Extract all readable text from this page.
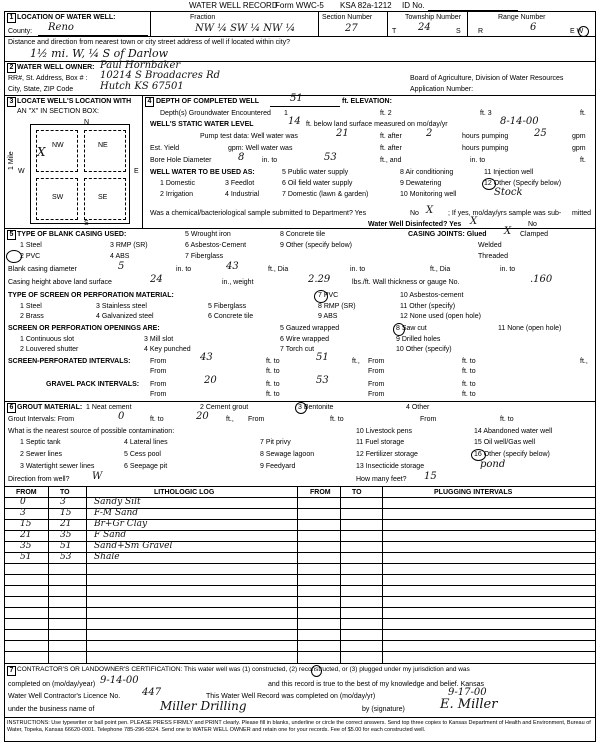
WATER WELL RECORD
Form WWC-5 KSA 82a-1212 ID No.
1 LOCATION OF WATER WELL:
County: Reno
Fraction
NW ¼ SW ¼ NW ¼
Section Number
27
Township Number
T 24	S
Range Number
R	6	E W
Distance and direction from nearest town or city street address of well if located within city?
1½ mi. W, ¼ S of Darlow
2 WATER WELL OWNER: Paul Hornbaker
RR#, St. Address, Box # : 10214 S Broadacres Rd
City, State, ZIP Code	Hutch KS 67501
Board of Agriculture, Division of Water Resources
Application Number:
3 LOCATE WELL'S LOCATION WITH
AN "X" IN SECTION BOX:
N
S
W	E
NW	NE
SW	SE
X
1 Mile
4 DEPTH OF COMPLETED WELL	51	ft. ELEVATION:
Depth(s) Groundwater Encountered 1	ft. 2	ft. 3	ft.
WELL'S STATIC WATER LEVEL	14 ft. below land surface measured on mo/day/yr	8-14-00
Pump test data: Well water was	21	ft. after 2	hours pumping	25	gpm
Est. Yield	gpm: Well water was	ft. after	hours pumping	gpm
Bore Hole Diameter	8	in. to	53	ft., and	in. to	ft.
WELL WATER TO BE USED AS:
1 Domestic
2 Irrigation
3 Feedlot
4 Industrial
5 Public water supply
6 Oil field water supply
7 Domestic (lawn & garden)
8 Air conditioning
9 Dewatering
10 Monitoring well
11 Injection well
12 Other (Specify below)
Stock
Was a chemical/bacteriological sample submitted to Department? Yes	No X ; If yes, mo/day/yrs sample was sub- mitted
Water Well Disinfected? Yes X	No
5 TYPE OF BLANK CASING USED:
1 Steel
2 PVC
3 RMP (SR)
4 ABS
5 Wrought iron
6 Asbestos-Cement
7 Fiberglass
8 Concrete tile
9 Other (specify below)
CASING JOINTS: Glued X Clamped
Welded
Threaded
Blank casing diameter	5	in. to	43	ft., Dia	in. to	ft., Dia	in. to
Casing height above land surface	24	in., weight	2.29	lbs./ft. Wall thickness or gauge No.	.160
TYPE OF SCREEN OR PERFORATION MATERIAL:
1 Steel
2 Brass
3 Stainless steel
4 Galvanized steel
5 Fiberglass
6 Concrete tile
7 PVC
8 RMP (SR)
9 ABS
10 Asbestos-cement
11 Other (specify)
12 None used (open hole)
SCREEN OR PERFORATION OPENINGS ARE:
1 Continuous slot
2 Louvered shutter
3 Mill slot
4 Key punched
5 Gauzed wrapped
6 Wire wrapped
7 Torch cut
8 Saw cut
9 Drilled holes
10 Other (specify)
11 None (open hole)
SCREEN-PERFORATED INTERVALS:	From	43	ft. to	51	ft., From	ft. to	ft.,
From	ft. to	From	ft. to
GRAVEL PACK INTERVALS: From	20	ft. to	53	From	ft. to
From	ft. to	From	ft. to
6 GROUT MATERIAL: 1 Neat cement	2 Cement grout	3 Bentonite	4 Other
Grout Intervals: From	0	ft. to	20 ft., From	ft. to	From	ft. to
What is the nearest source of possible contamination:
1 Septic tank
2 Sewer lines
3 Watertight sewer lines
4 Lateral lines
5 Cess pool
6 Seepage pit
7 Pit privy
8 Sewage lagoon
9 Feedyard
10 Livestock pens
11 Fuel storage
12 Fertilizer storage
13 Insecticide storage
14 Abandoned water well
15 Oil well/Gas well
16 Other (specify below)
pond
Direction from well? W	How many feet? 15
FROM	TO	LITHOLOGIC LOG	FROM	TO	PLUGGING INTERVALS
0	3	Sandy Silt
3	15	F-M Sand
15	21	Br+Gr Clay
21	35	F Sand
35	51	Sand+Sm Gravel
51	53	Shale
7 CONTRACTOR'S OR LANDOWNER'S CERTIFICATION: This water well was (1) constructed, (2) reconstructed, or (3) plugged under my jurisdiction and was
completed on (mo/day/year) 9-14-00	and this record is true to the best of my knowledge and belief. Kansas
Water Well Contractor's Licence No. 447	This Water Well Record was completed on (mo/day/yr)	9-17-00
under the business name of	Miller Drilling	by (signature)	E. Miller
INSTRUCTIONS: Use typewriter or ball point pen. PLEASE PRESS FIRMLY and PRINT clearly. Please fill in blanks, underline or circle the correct answers. Send top three copies to Kansas Department of Health and Environment, Bureau of Water, Topeka, Kansas 66620-0001. Telephone 785-296-5524. Send one to WATER WELL OWNER and retain one for your records. Fee of $5.00 for each constructed well.
